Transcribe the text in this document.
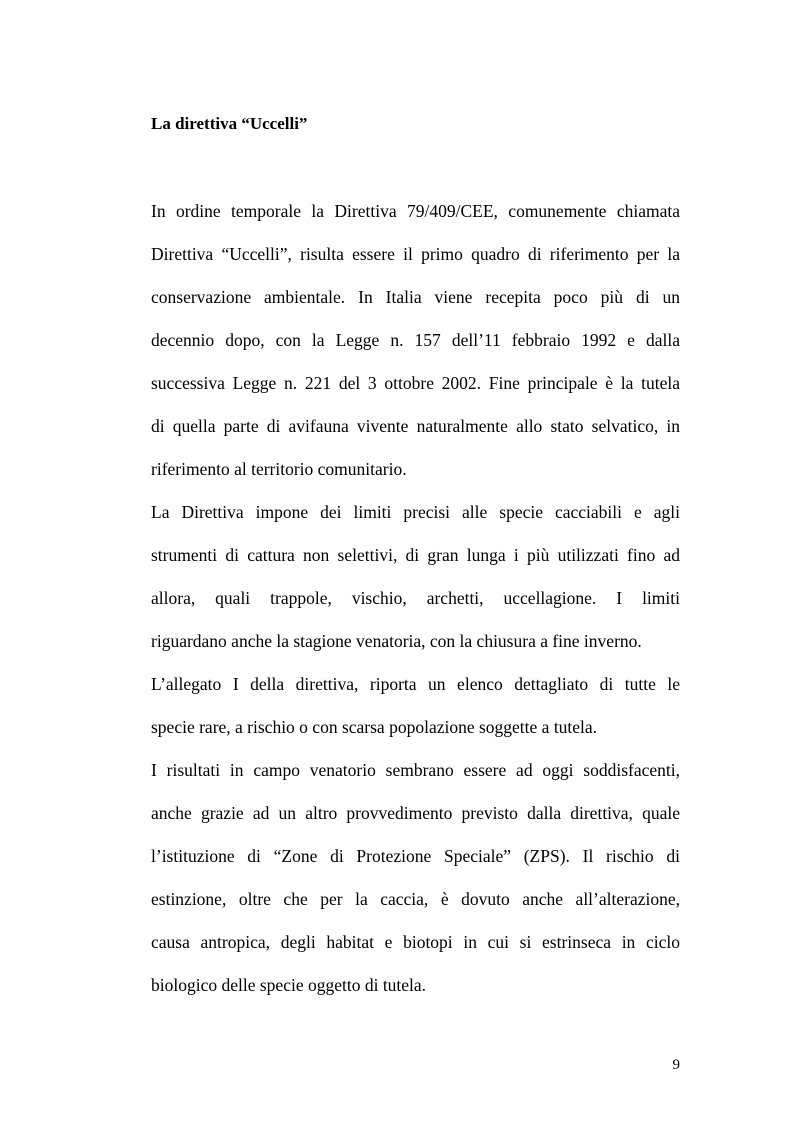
La direttiva “Uccelli”
In ordine temporale la Direttiva 79/409/CEE, comunemente chiamata
Direttiva “Uccelli”, risulta essere il primo quadro di riferimento per la
conservazione ambientale. In Italia viene recepita poco più di un
decennio dopo, con la Legge n. 157 dell’11 febbraio 1992 e dalla
successiva Legge n. 221 del 3 ottobre 2002. Fine principale è la tutela
di quella parte di avifauna vivente naturalmente allo stato selvatico, in
riferimento al territorio comunitario.
La Direttiva impone dei limiti precisi alle specie cacciabili e agli
strumenti di cattura non selettivi, di gran lunga i più utilizzati fino ad
allora, quali trappole, vischio, archetti, uccellagione. I limiti
riguardano anche la stagione venatoria, con la chiusura a fine inverno.
L’allegato I della direttiva, riporta un elenco dettagliato di tutte le
specie rare, a rischio o con scarsa popolazione soggette a tutela.
I risultati in campo venatorio sembrano essere ad oggi soddisfacenti,
anche grazie ad un altro provvedimento previsto dalla direttiva, quale
l’istituzione di “Zone di Protezione Speciale” (ZPS). Il rischio di
estinzione, oltre che per la caccia, è dovuto anche all’alterazione,
causa antropica, degli habitat e biotopi in cui si estrinseca in ciclo
biologico delle specie oggetto di tutela.
9
